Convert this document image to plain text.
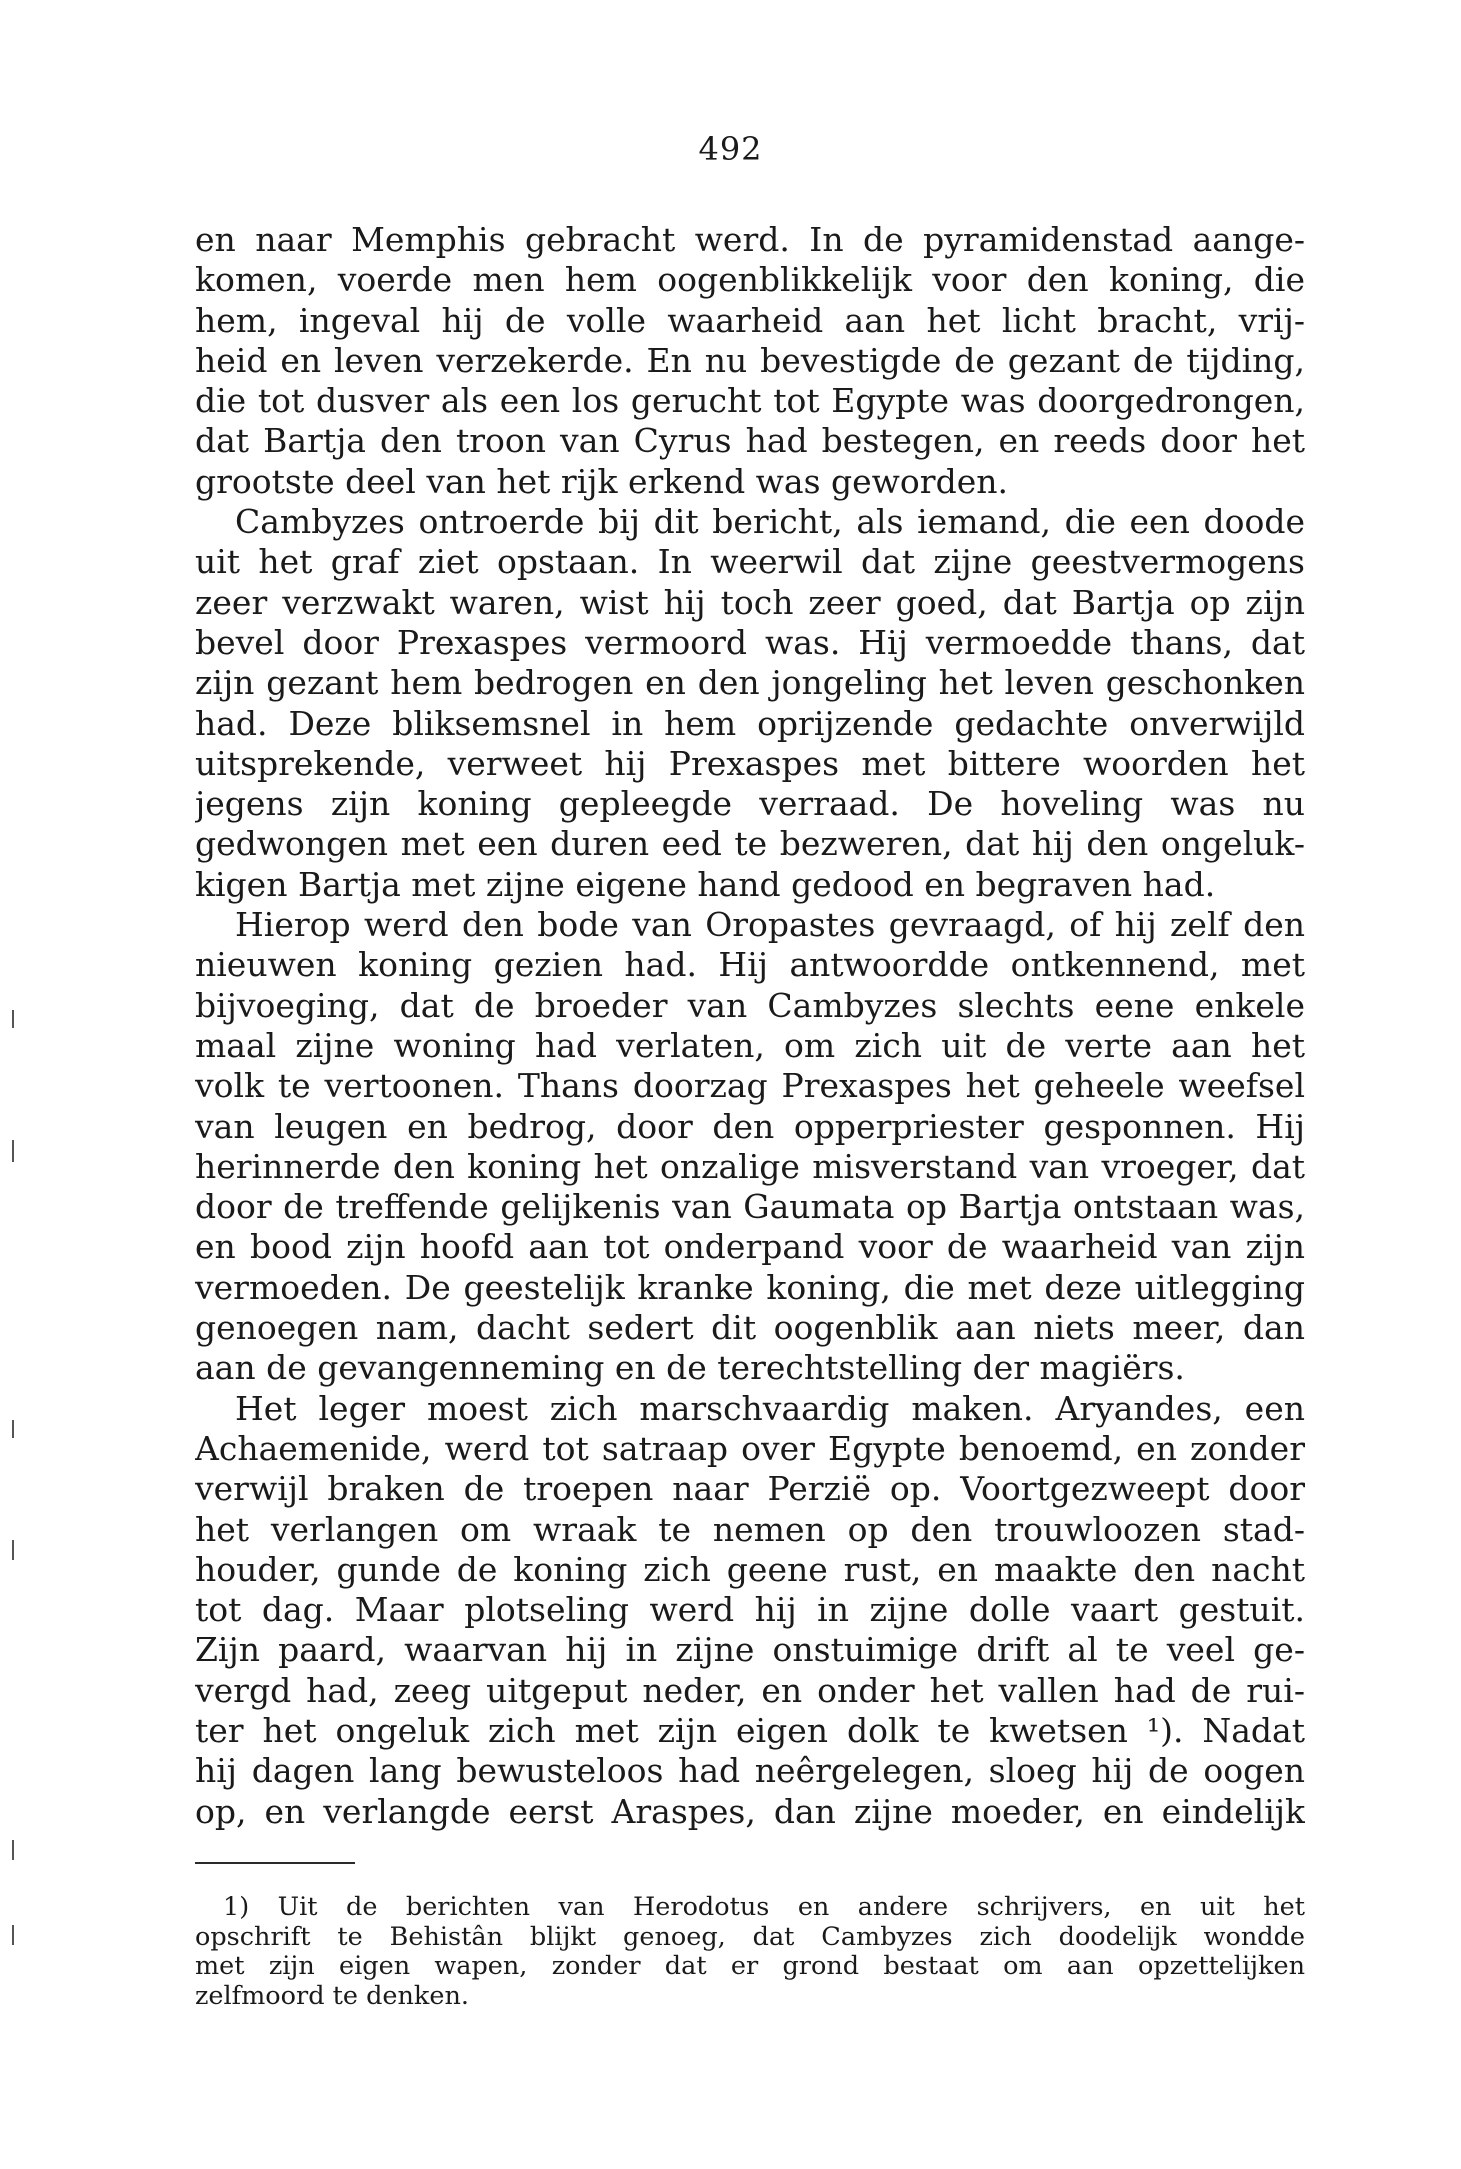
492
en naar Memphis gebracht werd. In de pyramidenstad aange-
komen, voerde men hem oogenblikkelijk voor den koning, die
hem, ingeval hij de volle waarheid aan het licht bracht, vrij-
heid en leven verzekerde. En nu bevestigde de gezant de tijding,
die tot dusver als een los gerucht tot Egypte was doorgedrongen,
dat Bartja den troon van Cyrus had bestegen, en reeds door het
grootste deel van het rijk erkend was geworden.
Cambyzes ontroerde bij dit bericht, als iemand, die een doode
uit het graf ziet opstaan. In weerwil dat zijne geestvermogens
zeer verzwakt waren, wist hij toch zeer goed, dat Bartja op zijn
bevel door Prexaspes vermoord was. Hij vermoedde thans, dat
zijn gezant hem bedrogen en den jongeling het leven geschonken
had. Deze bliksemsnel in hem oprijzende gedachte onverwijld
uitsprekende, verweet hij Prexaspes met bittere woorden het
jegens zijn koning gepleegde verraad. De hoveling was nu
gedwongen met een duren eed te bezweren, dat hij den ongeluk-
kigen Bartja met zijne eigene hand gedood en begraven had.
Hierop werd den bode van Oropastes gevraagd, of hij zelf den
nieuwen koning gezien had. Hij antwoordde ontkennend, met
bijvoeging, dat de broeder van Cambyzes slechts eene enkele
maal zijne woning had verlaten, om zich uit de verte aan het
volk te vertoonen. Thans doorzag Prexaspes het geheele weefsel
van leugen en bedrog, door den opperpriester gesponnen. Hij
herinnerde den koning het onzalige misverstand van vroeger, dat
door de treffende gelijkenis van Gaumata op Bartja ontstaan was,
en bood zijn hoofd aan tot onderpand voor de waarheid van zijn
vermoeden. De geestelijk kranke koning, die met deze uitlegging
genoegen nam, dacht sedert dit oogenblik aan niets meer, dan
aan de gevangenneming en de terechtstelling der magiërs.
Het leger moest zich marschvaardig maken. Aryandes, een
Achaemenide, werd tot satraap over Egypte benoemd, en zonder
verwijl braken de troepen naar Perzië op. Voortgezweept door
het verlangen om wraak te nemen op den trouwloozen stad-
houder, gunde de koning zich geene rust, en maakte den nacht
tot dag. Maar plotseling werd hij in zijne dolle vaart gestuit.
Zijn paard, waarvan hij in zijne onstuimige drift al te veel ge-
vergd had, zeeg uitgeput neder, en onder het vallen had de rui-
ter het ongeluk zich met zijn eigen dolk te kwetsen ¹). Nadat
hij dagen lang bewusteloos had neêrgelegen, sloeg hij de oogen
op, en verlangde eerst Araspes, dan zijne moeder, en eindelijk
1) Uit de berichten van Herodotus en andere schrijvers, en uit het
opschrift te Behistân blijkt genoeg, dat Cambyzes zich doodelijk wondde
met zijn eigen wapen, zonder dat er grond bestaat om aan opzettelijken
zelfmoord te denken.
